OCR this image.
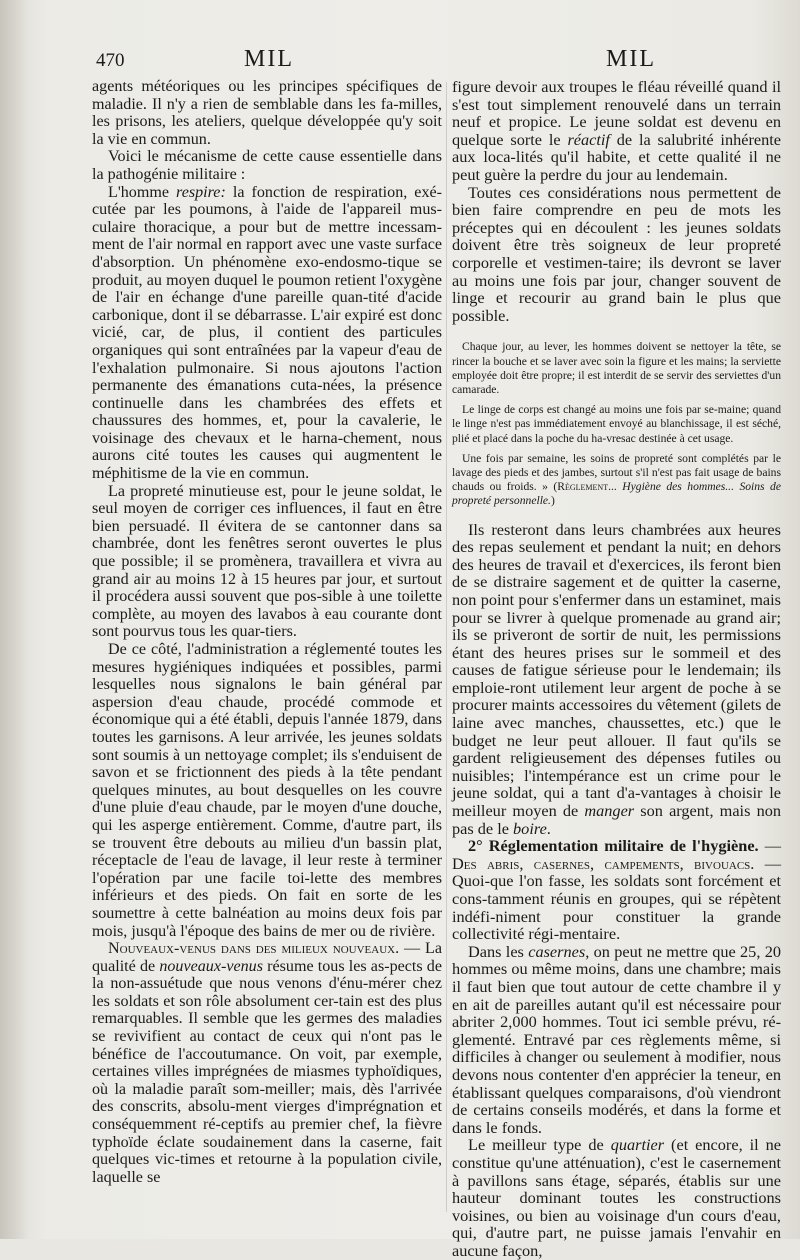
470	MIL	MIL

agents météoriques ou les principes spécifiques de maladie. Il n'y a rien de semblable dans les fa-milles, les prisons, les ateliers, quelque développée qu'y soit la vie en commun.

Voici le mécanisme de cette cause essentielle dans la pathogénie militaire :

L'homme respire: la fonction de respiration, exé-cutée par les poumons, à l'aide de l'appareil mus-culaire thoracique, a pour but de mettre incessam-ment de l'air normal en rapport avec une vaste surface d'absorption. Un phénomène exo-endosmo-tique se produit, au moyen duquel le poumon retient l'oxygène de l'air en échange d'une pareille quan-tité d'acide carbonique, dont il se débarrasse. L'air expiré est donc vicié, car, de plus, il contient des particules organiques qui sont entraînées par la vapeur d'eau de l'exhalation pulmonaire. Si nous ajoutons l'action permanente des émanations cuta-nées, la présence continuelle dans les chambrées des effets et chaussures des hommes, et, pour la cavalerie, le voisinage des chevaux et le harna-chement, nous aurons cité toutes les causes qui augmentent le méphitisme de la vie en commun.

La propreté minutieuse est, pour le jeune soldat, le seul moyen de corriger ces influences, il faut en être bien persuadé. Il évitera de se cantonner dans sa chambrée, dont les fenêtres seront ouvertes le plus que possible; il se promènera, travaillera et vivra au grand air au moins 12 à 15 heures par jour, et surtout il procédera aussi souvent que pos-sible à une toilette complète, au moyen des lavabos à eau courante dont sont pourvus tous les quar-tiers.

De ce côté, l'administration a réglementé toutes les mesures hygiéniques indiquées et possibles, parmi lesquelles nous signalons le bain général par aspersion d'eau chaude, procédé commode et économique qui a été établi, depuis l'année 1879, dans toutes les garnisons. A leur arrivée, les jeunes soldats sont soumis à un nettoyage complet; ils s'enduisent de savon et se frictionnent des pieds à la tête pendant quelques minutes, au bout desquelles on les couvre d'une pluie d'eau chaude, par le moyen d'une douche, qui les asperge entièrement. Comme, d'autre part, ils se trouvent être debouts au milieu d'un bassin plat, réceptacle de l'eau de lavage, il leur reste à terminer l'opération par une facile toi-lette des membres inférieurs et des pieds. On fait en sorte de les soumettre à cette balnéation au moins deux fois par mois, jusqu'à l'époque des bains de mer ou de rivière.

Nouveaux-venus dans des milieux nouveaux. — La qualité de nouveaux-venus résume tous les as-pects de la non-assuétude que nous venons d'énu-mérer chez les soldats et son rôle absolument cer-tain est des plus remarquables. Il semble que les germes des maladies se revivifient au contact de ceux qui n'ont pas le bénéfice de l'accoutumance. On voit, par exemple, certaines villes imprégnées de miasmes typhoïdiques, où la maladie paraît som-meiller; mais, dès l'arrivée des conscrits, absolu-ment vierges d'imprégnation et conséquemment ré-ceptifs au premier chef, la fièvre typhoïde éclate soudainement dans la caserne, fait quelques vic-times et retourne à la population civile, laquelle se

figure devoir aux troupes le fléau réveillé quand il s'est tout simplement renouvelé dans un terrain neuf et propice. Le jeune soldat est devenu en quelque sorte le réactif de la salubrité inhérente aux loca-lités qu'il habite, et cette qualité il ne peut guère la perdre du jour au lendemain.

Toutes ces considérations nous permettent de bien faire comprendre en peu de mots les préceptes qui en découlent : les jeunes soldats doivent être très soigneux de leur propreté corporelle et vestimen-taire; ils devront se laver au moins une fois par jour, changer souvent de linge et recourir au grand bain le plus que possible.

Chaque jour, au lever, les hommes doivent se nettoyer la tête, se rincer la bouche et se laver avec soin la figure et les mains; la serviette employée doit être propre; il est interdit de se servir des serviettes d'un camarade.

Le linge de corps est changé au moins une fois par se-maine; quand le linge n'est pas immédiatement envoyé au blanchissage, il est séché, plié et placé dans la poche du ha-vresac destinée à cet usage.

Une fois par semaine, les soins de propreté sont complétés par le lavage des pieds et des jambes, surtout s'il n'est pas fait usage de bains chauds ou froids. » (Règlement... Hygiène des hommes... Soins de propreté personnelle.)

Ils resteront dans leurs chambrées aux heures des repas seulement et pendant la nuit; en dehors des heures de travail et d'exercices, ils feront bien de se distraire sagement et de quitter la caserne, non point pour s'enfermer dans un estaminet, mais pour se livrer à quelque promenade au grand air; ils se priveront de sortir de nuit, les permissions étant des heures prises sur le sommeil et des causes de fatigue sérieuse pour le lendemain; ils emploie-ront utilement leur argent de poche à se procurer maints accessoires du vêtement (gilets de laine avec manches, chaussettes, etc.) que le budget ne leur peut allouer. Il faut qu'ils se gardent religieusement des dépenses futiles ou nuisibles; l'intempérance est un crime pour le jeune soldat, qui a tant d'a-vantages à choisir le meilleur moyen de manger son argent, mais non pas de le boire.

2° Réglementation militaire de l'hygiène. — Des abris, casernes, campements, bivouacs. — Quoi-que l'on fasse, les soldats sont forcément et cons-tamment réunis en groupes, qui se répètent indéfi-niment pour constituer la grande collectivité régi-mentaire.

Dans les casernes, on peut ne mettre que 25, 20 hommes ou même moins, dans une chambre; mais il faut bien que tout autour de cette chambre il y en ait de pareilles autant qu'il est nécessaire pour abriter 2,000 hommes. Tout ici semble prévu, ré-glementé. Entravé par ces règlements même, si difficiles à changer ou seulement à modifier, nous devons nous contenter d'en apprécier la teneur, en établissant quelques comparaisons, d'où viendront de certains conseils modérés, et dans la forme et dans le fonds.

Le meilleur type de quartier (et encore, il ne constitue qu'une atténuation), c'est le casernement à pavillons sans étage, séparés, établis sur une hauteur dominant toutes les constructions voisines, ou bien au voisinage d'un cours d'eau, qui, d'autre part, ne puisse jamais l'envahir en aucune façon,
